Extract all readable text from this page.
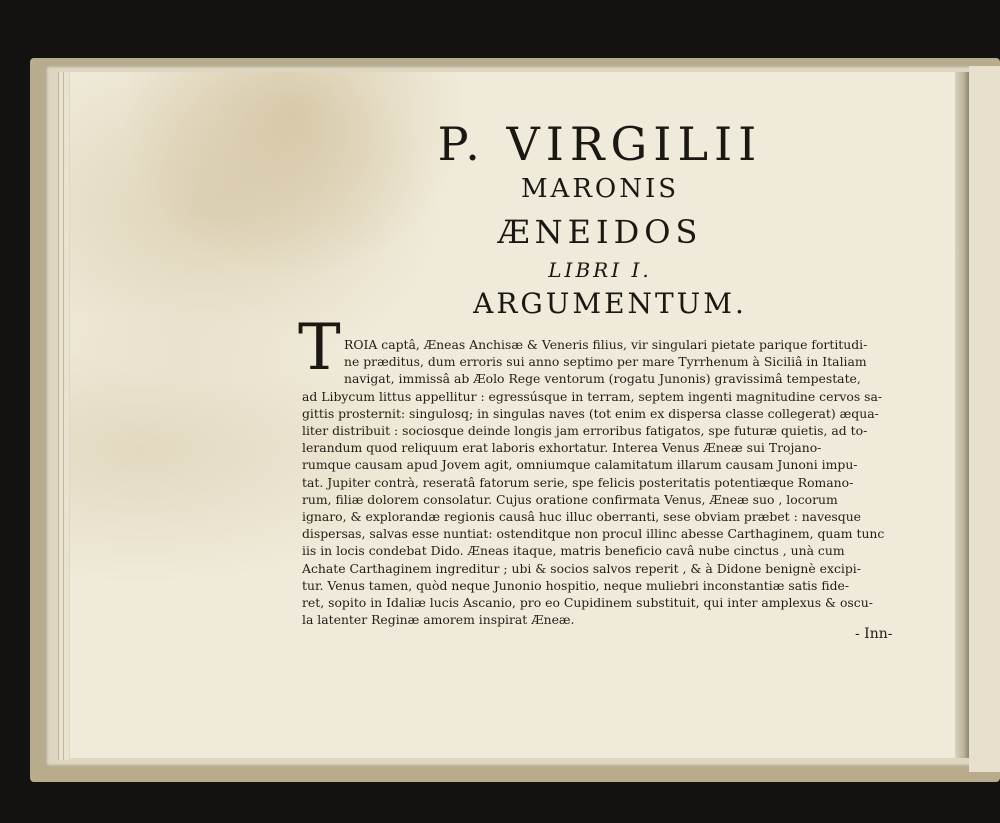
P. VIRGILII
MARONIS
ÆNEIDOS
LIBRI I.
ARGUMENTUM.
T ROIA captâ, Æneas Anchisæ & Veneris filius, vir singulari pietate parique fortitudi-
ne præditus, dum erroris sui anno septimo per mare Tyrrhenum à Siciliâ in Italiam
navigat, immissâ ab Æolo Rege ventorum (rogatu Junonis) gravissimâ tempestate,
ad Libycum littus appellitur : egressúsque in terram, septem ingenti magnitudine cervos sa-
gittis prosternit: singulosq; in singulas naves (tot enim ex dispersa classe collegerat) æqua-
liter distribuit : sociosque deinde longis jam erroribus fatigatos, spe futuræ quietis, ad to-
lerandum quod reliquum erat laboris exhortatur. Interea Venus Æneæ sui Trojano-
rumque causam apud Jovem agit, omniumque calamitatum illarum causam Junoni impu-
tat. Jupiter contrà, reseratâ fatorum serie, spe felicis posteritatis potentiæque Romano-
rum, filiæ dolorem consolatur. Cujus oratione confirmata Venus, Æneæ suo , locorum
ignaro, & explorandæ regionis causâ huc illuc oberranti, sese obviam præbet : navesque
dispersas, salvas esse nuntiat: ostenditque non procul illinc abesse Carthaginem, quam tunc
iis in locis condebat Dido. Æneas itaque, matris beneficio cavâ nube cinctus , unà cum
Achate Carthaginem ingreditur ; ubi & socios salvos reperit , & à Didone benignè excipi-
tur. Venus tamen, quòd neque Junonio hospitio, neque muliebri inconstantiæ satis fide-
ret, sopito in Idaliæ lucis Ascanio, pro eo Cupidinem substituit, qui inter amplexus & oscu-
la latenter Reginæ amorem inspirat Æneæ.
- Inn-
